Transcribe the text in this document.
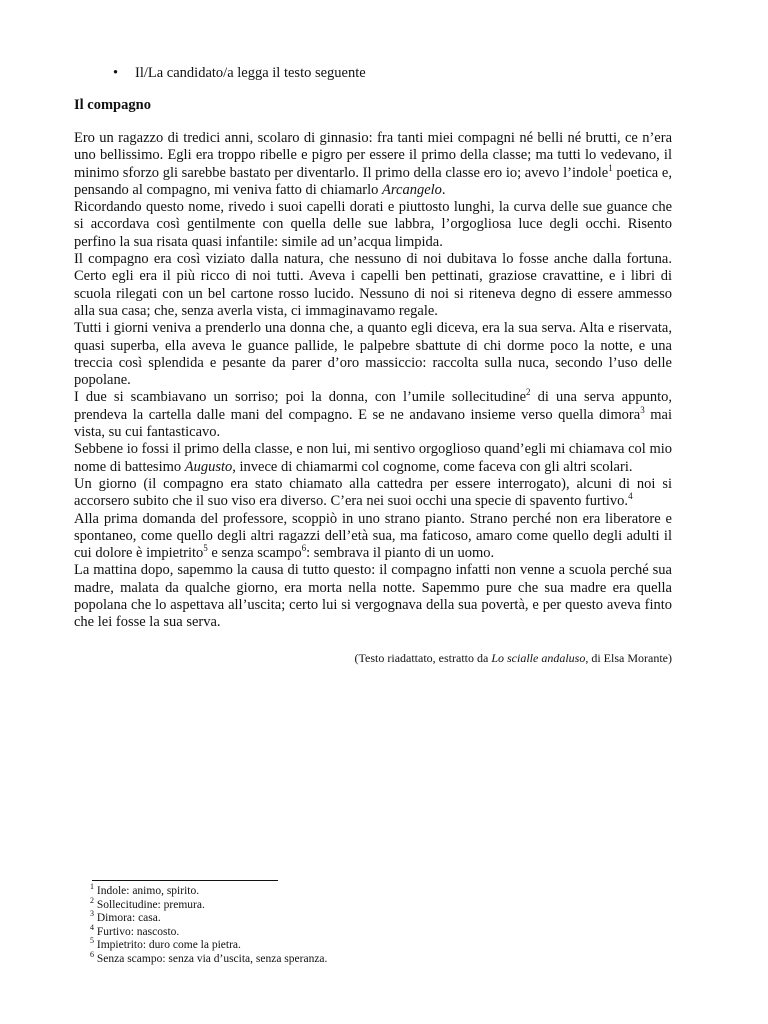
• Il/La candidato/a legga il testo seguente
Il compagno

Ero un ragazzo di tredici anni, scolaro di ginnasio: fra tanti miei compagni né belli né brutti, ce n’era uno bellissimo. Egli era troppo ribelle e pigro per essere il primo della classe; ma tutti lo vedevano, il minimo sforzo gli sarebbe bastato per diventarlo. Il primo della classe ero io; avevo l’indole$^1$ poetica e, pensando al compagno, mi veniva fatto di chiamarlo Arcangelo.

Ricordando questo nome, rivedo i suoi capelli dorati e piuttosto lunghi, la curva delle sue guance che si accordava così gentilmente con quella delle sue labbra, l’orgogliosa luce degli occhi. Risento perfino la sua risata quasi infantile: simile ad un’acqua limpida.

Il compagno era così viziato dalla natura, che nessuno di noi dubitava lo fosse anche dalla fortuna. Certo egli era il più ricco di noi tutti. Aveva i capelli ben pettinati, graziose cravattine, e i libri di scuola rilegati con un bel cartone rosso lucido. Nessuno di noi si riteneva degno di essere ammesso alla sua casa; che, senza averla vista, ci immaginavamo regale.

Tutti i giorni veniva a prenderlo una donna che, a quanto egli diceva, era la sua serva. Alta e riservata, quasi superba, ella aveva le guance pallide, le palpebre sbattute di chi dorme poco la notte, e una treccia così splendida e pesante da parer d’oro massiccio: raccolta sulla nuca, secondo l’uso delle popolane.

I due si scambiavano un sorriso; poi la donna, con l’umile sollecitudine$^2$ di una serva appunto, prendeva la cartella dalle mani del compagno. E se ne andavano insieme verso quella dimora$^3$ mai vista, su cui fantasticavo.

Sebbene io fossi il primo della classe, e non lui, mi sentivo orgoglioso quand’egli mi chiamava col mio nome di battesimo Augusto, invece di chiamarmi col cognome, come faceva con gli altri scolari.

Un giorno (il compagno era stato chiamato alla cattedra per essere interrogato), alcuni di noi si accorsero subito che il suo viso era diverso. C’era nei suoi occhi una specie di spavento furtivo.$^4$

Alla prima domanda del professore, scoppiò in uno strano pianto. Strano perché non era liberatore e spontaneo, come quello degli altri ragazzi dell’età sua, ma faticoso, amaro come quello degli adulti il cui dolore è impietrito$^5$ e senza scampo$^6$: sembrava il pianto di un uomo.

La mattina dopo, sapemmo la causa di tutto questo: il compagno infatti non venne a scuola perché sua madre, malata da qualche giorno, era morta nella notte. Sapemmo pure che sua madre era quella popolana che lo aspettava all’uscita; certo lui si vergognava della sua povertà, e per questo aveva finto che lei fosse la sua serva.

(Testo riadattato, estratto da Lo scialle andaluso, di Elsa Morante)
$^1$ Indole: animo, spirito.
$^2$ Sollecitudine: premura.
$^3$ Dimora: casa.
$^4$ Furtivo: nascosto.
$^5$ Impietrito: duro come la pietra.
$^6$ Senza scampo: senza via d’uscita, senza speranza.
